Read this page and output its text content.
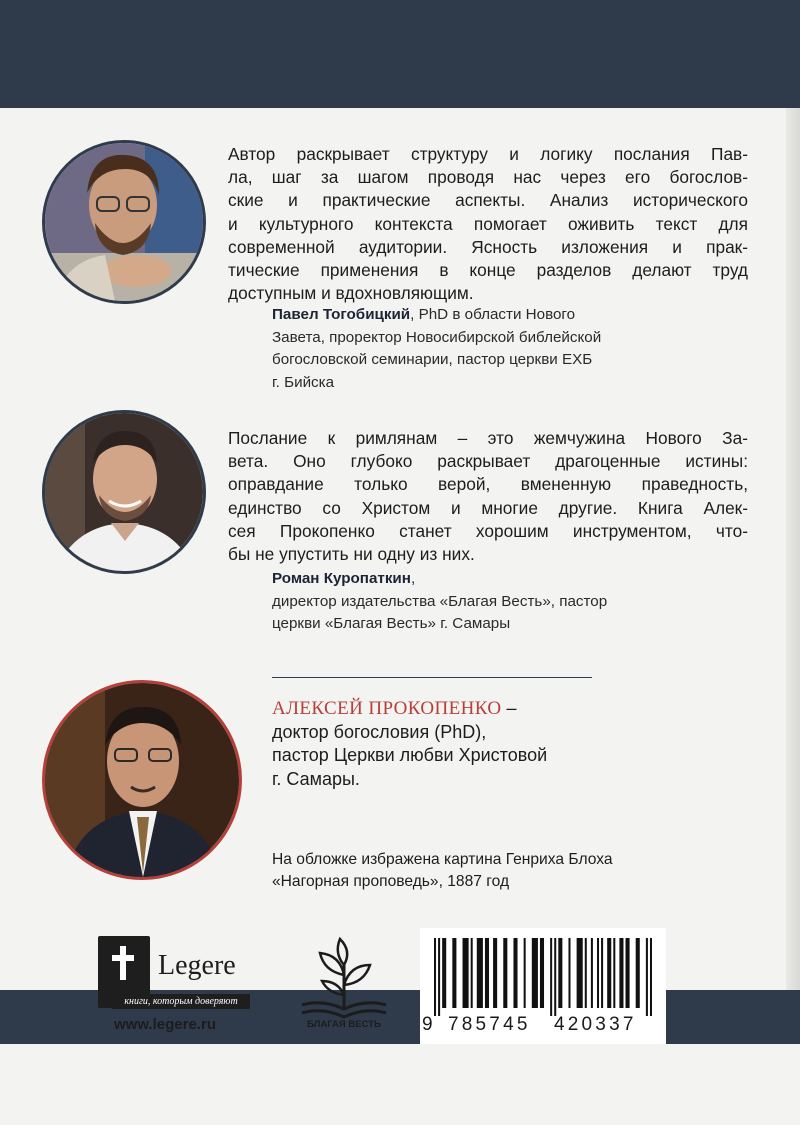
Автор раскрывает структуру и логику послания Пав-
ла, шаг за шагом проводя нас через его богослов-
ские и практические аспекты. Анализ исторического
и культурного контекста помогает оживить текст для
современной аудитории. Ясность изложения и прак-
тические применения в конце разделов делают труд
доступным и вдохновляющим.

Павел Тогобицкий, PhD в области Нового
Завета, проректор Новосибирской библейской
богословской семинарии, пастор церкви ЕХБ
г. Бийска

Послание к римлянам – это жемчужина Нового За-
вета. Оно глубоко раскрывает драгоценные истины:
оправдание только верой, вмененную праведность,
единство со Христом и многие другие. Книга Алек-
сея Прокопенко станет хорошим инструментом, что-
бы не упустить ни одну из них.

Роман Куропаткин,
директор издательства «Благая Весть», пастор
церкви «Благая Весть» г. Самары

АЛЕКСЕЙ ПРОКОПЕНКО –
доктор богословия (PhD),
пастор Церкви любви Христовой
г. Самары.

На обложке избражена картина Генриха Блоха
«Нагорная проповедь», 1887 год

Legere
книги, которым доверяют
www.legere.ru	БЛАГАЯ ВЕСТЬ	9 785745 420337
